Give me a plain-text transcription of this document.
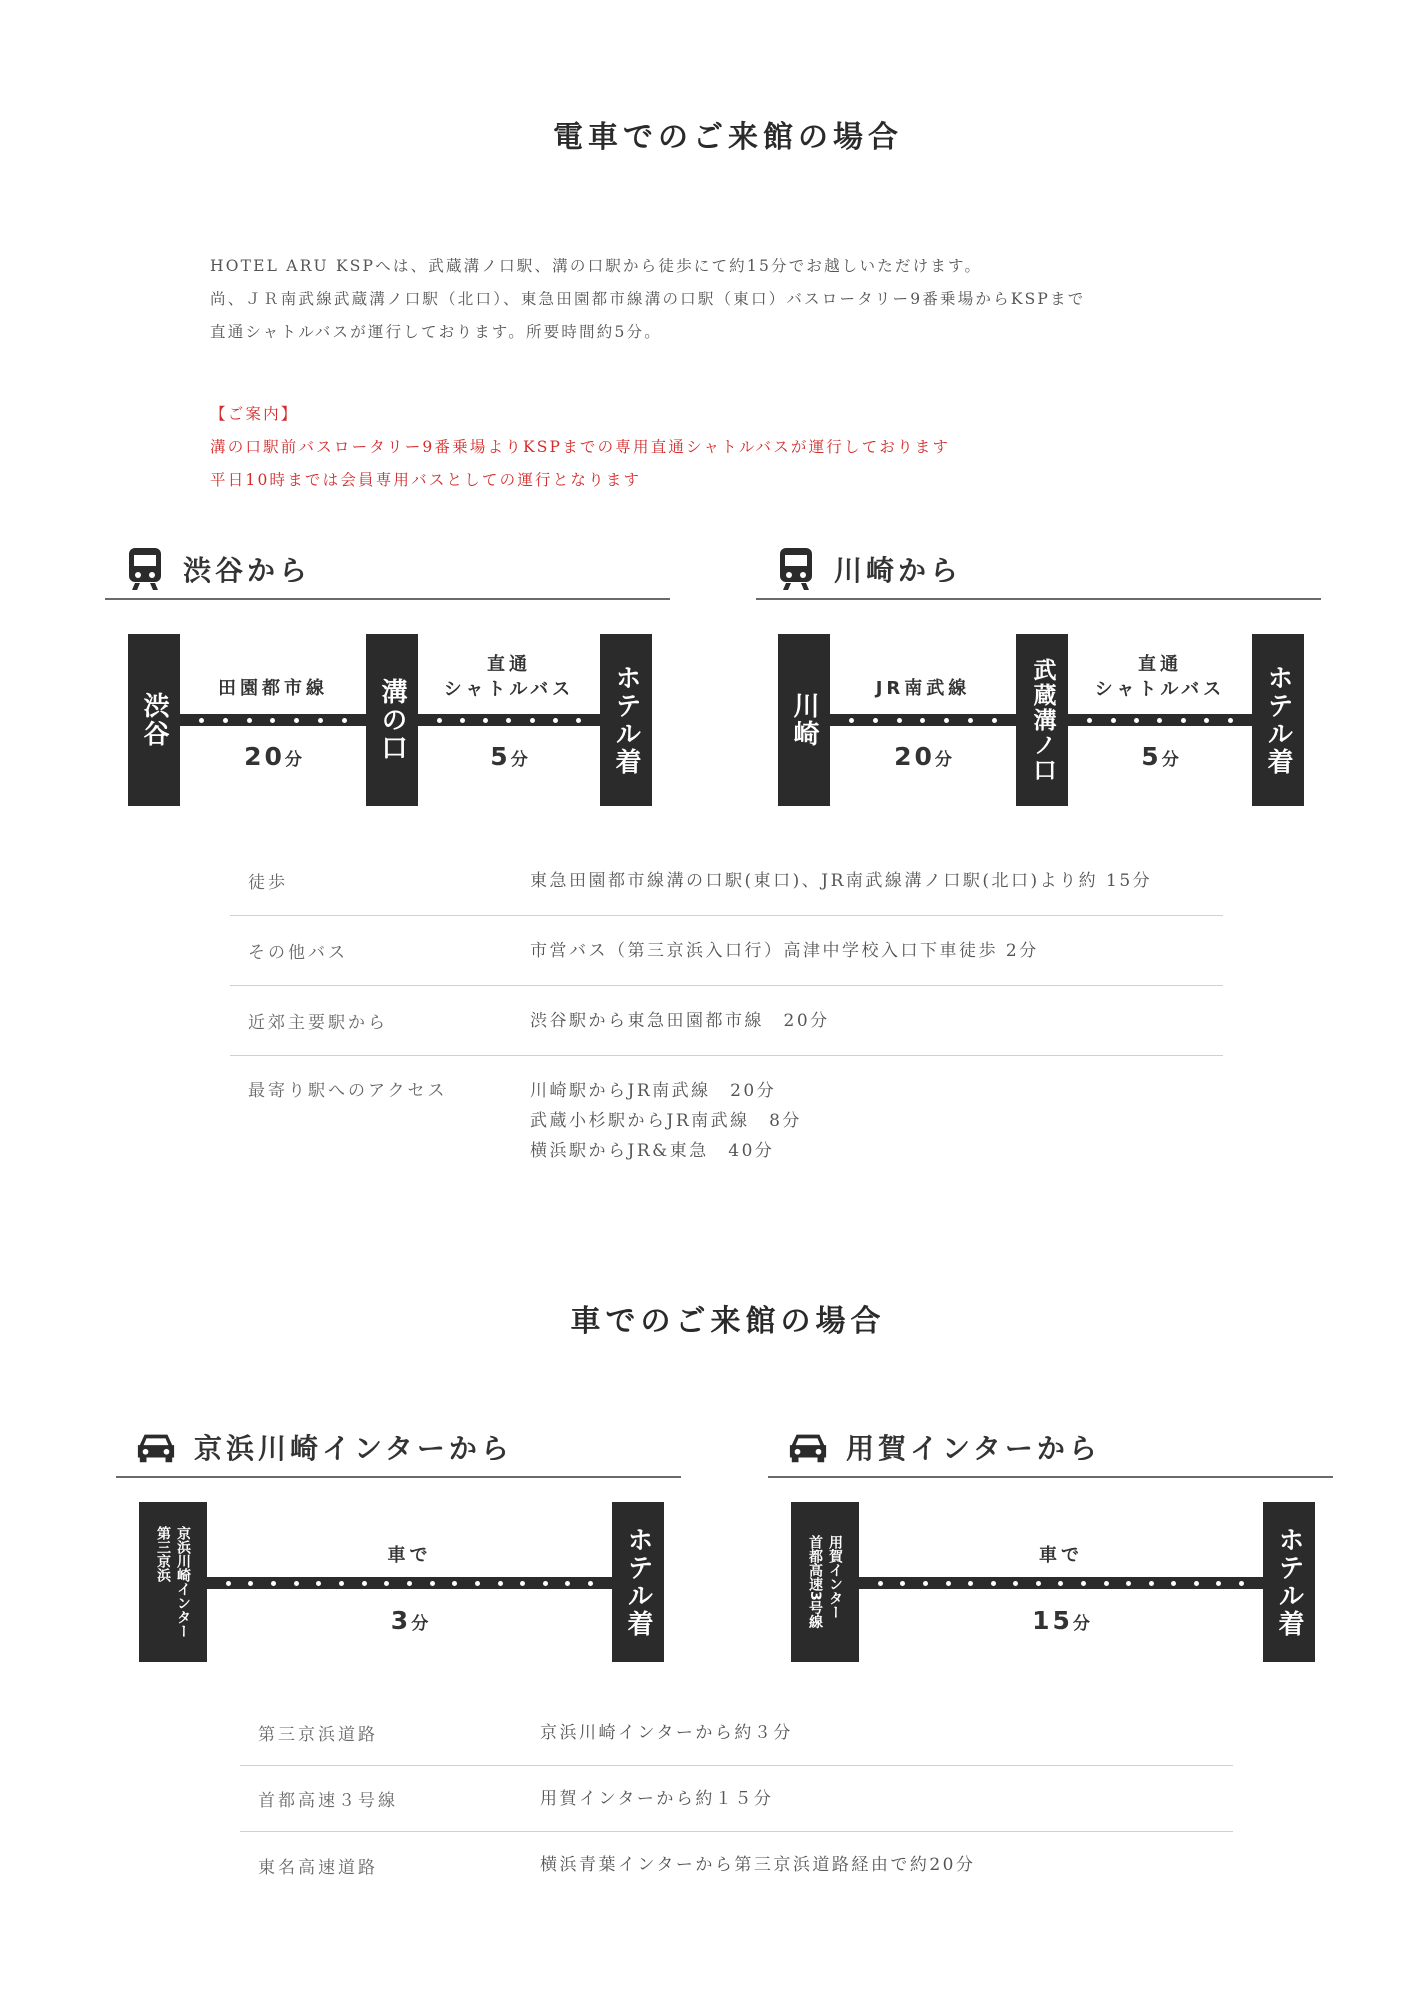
電車でのご来館の場合
HOTEL ARU KSPへは、武蔵溝ノ口駅、溝の口駅から徒歩にて約15分でお越しいただけます。
尚、ＪＲ南武線武蔵溝ノ口駅（北口）、東急田園都市線溝の口駅（東口）バスロータリー9番乗場からKSPまで
直通シャトルバスが運行しております。所要時間約5分。
【ご案内】
溝の口駅前バスロータリー9番乗場よりKSPまでの専用直通シャトルバスが運行しております
平日10時までは会員専用バスとしての運行となります
渋谷から
渋谷
田園都市線
20分	溝の口
直通
シャトルバス
5分	ホテル着
川崎から
川崎
JR南武線
20分	武蔵溝ノ口	直通
シャトルバス
5分	ホテル着
徒歩	東急田園都市線溝の口駅(東口)、JR南武線溝ノ口駅(北口)より約 15分
その他バス	市営バス（第三京浜入口行）高津中学校入口下車徒歩 2分
近郊主要駅から	渋谷駅から東急田園都市線　20分
最寄り駅へのアクセス	川崎駅からJR南武線　20分
武蔵小杉駅からJR南武線　8分
横浜駅からJR&東急　40分
車でのご来館の場合
京浜川崎インターから
京浜川崎インター
第三京浜	車で
3分	ホテル着
用賀インターから
用賀インター
首都高速3号線	車で
15分	ホテル着
第三京浜道路	京浜川崎インターから約３分
首都高速３号線	用賀インターから約１５分
東名高速道路	横浜青葉インターから第三京浜道路経由で約20分
